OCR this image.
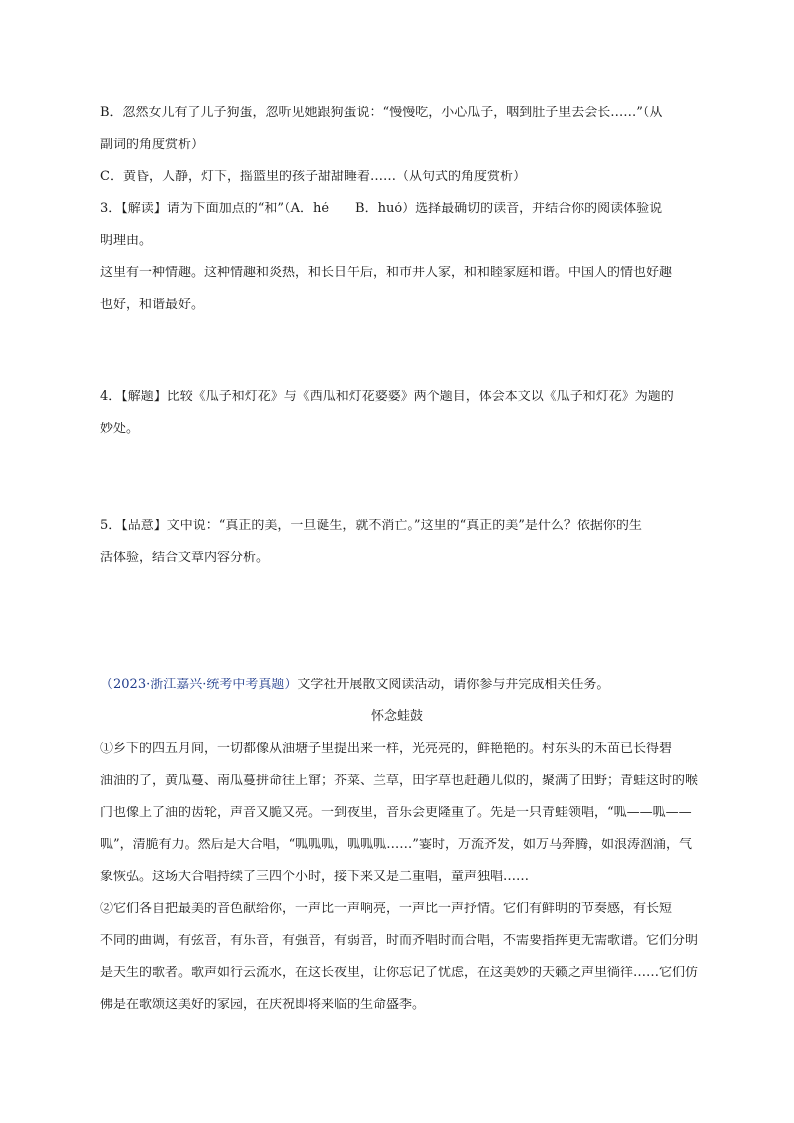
B．忽然女儿有了儿子狗蛋，忽听见她跟狗蛋说：“慢慢吃，小心瓜子，咽到肚子里去会长……”（从
副词的角度赏析）
C．黄昏，人静，灯下，摇篮里的孩子甜甜睡着……（从句式的角度赏析）
3．【解读】请为下面加点的“和”（A．hé　　B．huó）选择最确切的读音，并结合你的阅读体验说
明理由。
这里有一种情趣。这种情趣和炎热，和长日午后，和市井人家，和和睦家庭和谐。中国人的情也好趣
也好，和谐最好。
4．【解题】比较《瓜子和灯花》与《西瓜和灯花婆婆》两个题目，体会本文以《瓜子和灯花》为题的
妙处。
5．【品意】文中说：“真正的美，一旦诞生，就不消亡。”这里的“真正的美”是什么？依据你的生
活体验，结合文章内容分析。
（2023·浙江嘉兴·统考中考真题）文学社开展散文阅读活动，请你参与并完成相关任务。
怀念蛙鼓
①乡下的四五月间，一切都像从油塘子里提出来一样，光亮亮的，鲜艳艳的。村东头的禾苗已长得碧
油油的了，黄瓜蔓、南瓜蔓拼命往上窜；芥菜、兰草，田字草也赶趟儿似的，聚满了田野；青蛙这时的喉
门也像上了油的齿轮，声音又脆又亮。一到夜里，音乐会更隆重了。先是一只青蛙领唱，“呱——呱——
呱”，清脆有力。然后是大合唱，“呱呱呱，呱呱呱……”霎时，万流齐发，如万马奔腾，如浪涛汹涌，气
象恢弘。这场大合唱持续了三四个小时，接下来又是二重唱，童声独唱……
②它们各自把最美的音色献给你，一声比一声响亮，一声比一声抒情。它们有鲜明的节奏感，有长短
不同的曲调，有弦音，有乐音，有强音，有弱音，时而齐唱时而合唱，不需要指挥更无需歌谱。它们分明
是天生的歌者。歌声如行云流水，在这长夜里，让你忘记了忧虑，在这美妙的天籁之声里徜徉……它们仿
佛是在歌颂这美好的家园，在庆祝即将来临的生命盛季。
